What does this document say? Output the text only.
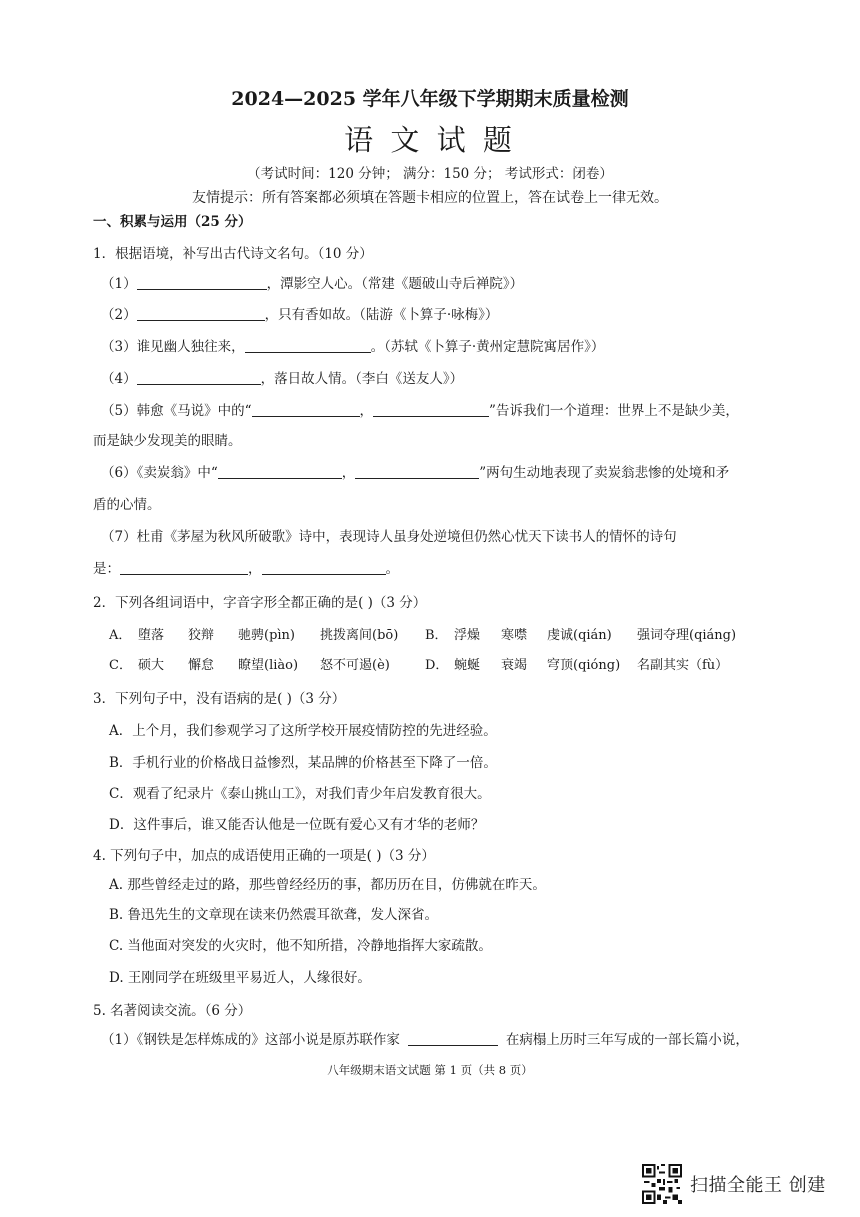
2024—2025 学年八年级下学期期末质量检测
语 文 试 题
（考试时间：120 分钟； 满分：150 分； 考试形式：闭卷）
友情提示：所有答案都必须填在答题卡相应的位置上，答在试卷上一律无效。
一、积累与运用（25 分）
1．根据语境，补写出古代诗文名句。（10 分）
（1）	，潭影空人心。（常建《题破山寺后禅院》）
（2）	，只有香如故。（陆游《卜算子·咏梅》）
（3）谁见幽人独往来，	。（苏轼《卜算子·黄州定慧院寓居作》）
（4）	，落日故人情。（李白《送友人》）
（5）韩愈《马说》中的“	，	”告诉我们一个道理：世界上不是缺少美，
而是缺少发现美的眼睛。
（6）《卖炭翁》中“	，	”两句生动地表现了卖炭翁悲惨的处境和矛
盾的心情。
（7）杜甫《茅屋为秋风所破歌》诗中，表现诗人虽身处逆境但仍然心忧天下读书人的情怀的诗句
是：	，	。
2．下列各组词语中，字音字形全都正确的是( )（3 分）
A． 堕落 狡辩 驰骋(pìn) 挑拨离间(bō) B． 浮燥 寒噤 虔诚(qián) 强词夺理(qiáng)
C． 硕大 懈怠 瞭望(liào) 怒不可遏(è)	D． 蜿蜒 衰竭 穹顶(qióng) 名副其实（fù）
3．下列句子中，没有语病的是( )（3 分）
A．上个月，我们参观学习了这所学校开展疫情防控的先进经验。
B．手机行业的价格战日益惨烈，某品牌的价格甚至下降了一倍。
C．观看了纪录片《泰山挑山工》，对我们青少年启发教育很大。
D．这件事后，谁又能否认他是一位既有爱心又有才华的老师？
4. 下列句子中，加点的成语使用正确的一项是( )（3 分）
A. 那些曾经走过的路，那些曾经经历的事，都历历在目，仿佛就在昨天。
B. 鲁迅先生的文章现在读来仍然震耳欲聋，发人深省。
C. 当他面对突发的火灾时，他不知所措，冷静地指挥大家疏散。
D. 王刚同学在班级里平易近人，人缘很好。
5. 名著阅读交流。（6 分）
（1）《钢铁是怎样炼成的》这部小说是原苏联作家	在病榻上历时三年写成的一部长篇小说，
八年级期末语文试题 第 1 页（共 8 页）
扫描全能王 创建
